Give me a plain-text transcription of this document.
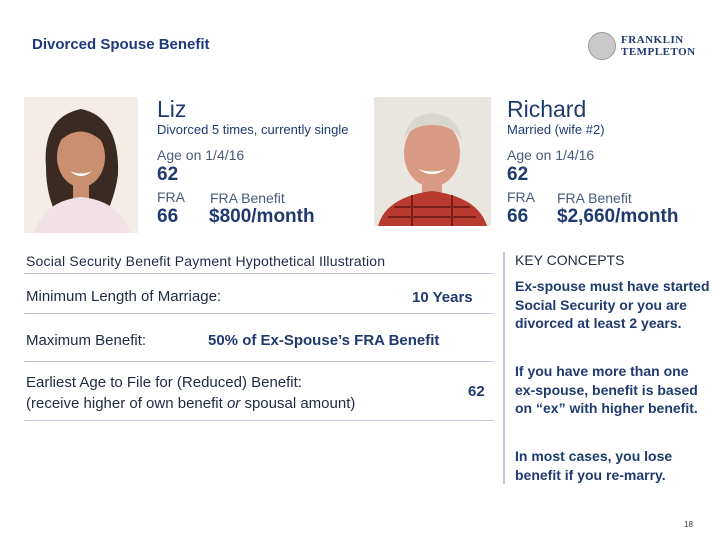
Divorced Spouse Benefit	FRANKLIN
TEMPLETON
Liz
Divorced 5 times, currently single
Age on 1/4/16
62
FRA
66
FRA Benefit
$800/month
Richard
Married (wife #2)
Age on 1/4/16
62
FRA
66
FRA Benefit
$2,660/month
Social Security Benefit Payment Hypothetical Illustration
Minimum Length of Marriage:	10 Years
Maximum Benefit:	50% of Ex-Spouse’s FRA Benefit
Earliest Age to File for (Reduced) Benefit:
(receive higher of own benefit or spousal amount)
62
KEY CONCEPTS
Ex-spouse must have started Social Security or you are divorced at least 2 years.
If you have more than one ex-spouse, benefit is based on “ex” with higher benefit.
In most cases, you lose benefit if you re-marry.
18
